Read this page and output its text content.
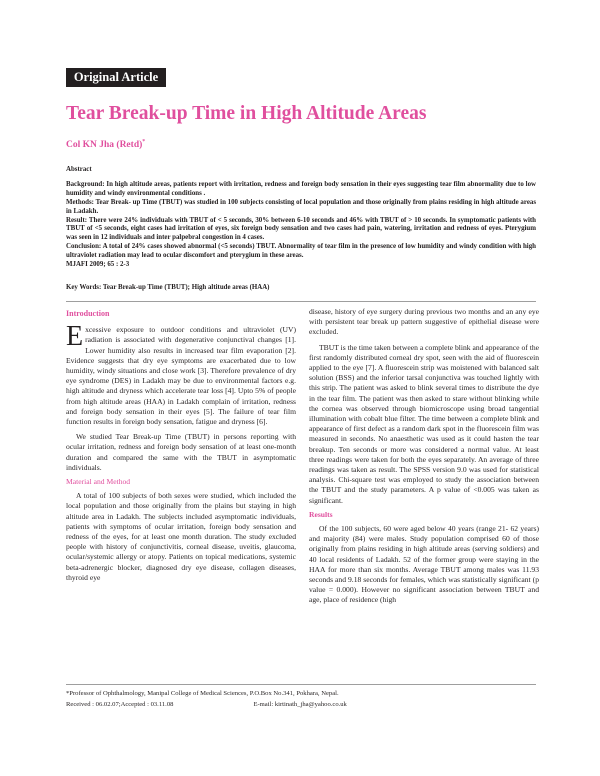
Original Article
Tear Break-up Time in High Altitude Areas
Col KN Jha (Retd)*

Abstract

Background: In high altitude areas, patients report with irritation, redness and foreign body sensation in their eyes suggesting tear film abnormality due to low humidity and windy environmental conditions .

Methods: Tear Break- up Time (TBUT) was studied in 100 subjects consisting of local population and those originally from plains residing in high altitude areas in Ladakh.

Result: There were 24% individuals with TBUT of < 5 seconds, 30% between 6-10 seconds and 46% with TBUT of > 10 seconds. In symptomatic patients with TBUT of <5 seconds, eight cases had irritation of eyes, six foreign body sensation and two cases had pain, watering, irritation and redness of eyes. Pterygium was seen in 12 individuals and inter palpebral congestion in 4 cases.

Conclusion: A total of 24% cases showed abnormal (<5 seconds) TBUT. Abnormality of tear film in the presence of low humidity and windy condition with high ultraviolet radiation may lead to ocular discomfort and pterygium in these areas.

MJAFI 2009; 65 : 2-3

Key Words: Tear Break-up Time (TBUT); High altitude areas (HAA)

Introduction

Excessive exposure to outdoor conditions and ultraviolet (UV) radiation is associated with degenerative conjunctival changes [1]. Lower humidity also results in increased tear film evaporation [2]. Evidence suggests that dry eye symptoms are exacerbated due to low humidity, windy situations and close work [3]. Therefore prevalence of dry eye syndrome (DES) in Ladakh may be due to environmental factors e.g. high altitude and dryness which accelerate tear loss [4]. Upto 5% of people from high altitude areas (HAA) in Ladakh complain of irritation, redness and foreign body sensation in their eyes [5]. The failure of tear film function results in foreign body sensation, fatigue and dryness [6].

We studied Tear Break-up Time (TBUT) in persons reporting with ocular irritation, redness and foreign body sensation of at least one-month duration and compared the same with the TBUT in asymptomatic individuals.

Material and Method

A total of 100 subjects of both sexes were studied, which included the local population and those originally from the plains but staying in high altitude area in Ladakh. The subjects included asymptomatic individuals, patients with symptoms of ocular irritation, foreign body sensation and redness of the eyes, for at least one month duration. The study excluded people with history of conjunctivitis, corneal disease, uveitis, glaucoma, ocular/systemic allergy or atopy. Patients on topical medications, systemic beta-adrenergic blocker, diagnosed dry eye disease, collagen diseases, thyroid eye

disease, history of eye surgery during previous two months and an any eye with persistent tear break up pattern suggestive of epithelial disease were excluded.

TBUT is the time taken between a complete blink and appearance of the first randomly distributed corneal dry spot, seen with the aid of fluorescein applied to the eye [7]. A fluorescein strip was moistened with balanced salt solution (BSS) and the inferior tarsal conjunctiva was touched lightly with this strip. The patient was asked to blink several times to distribute the dye in the tear film. The patient was then asked to stare without blinking while the cornea was observed through biomicroscope using broad tangential illumination with cobalt blue filter. The time between a complete blink and appearance of first defect as a random dark spot in the fluorescein film was measured in seconds. No anaesthetic was used as it could hasten the tear breakup. Ten seconds or more was considered a normal value. At least three readings were taken for both the eyes separately. An average of three readings was taken as result. The SPSS version 9.0 was used for statistical analysis. Chi-square test was employed to study the association between the TBUT and the study parameters. A p value of <0.005 was taken as significant.

Results

Of the 100 subjects, 60 were aged below 40 years (range 21- 62 years) and majority (84) were males. Study population comprised 60 of those originally from plains residing in high altitude areas (serving soldiers) and 40 local residents of Ladakh. 52 of the former group were staying in the HAA for more than six months. Average TBUT among males was 11.93 seconds and 9.18 seconds for females, which was statistically significant (p value = 0.000). However no significant association between TBUT and age, place of residence (high

*Professor of Ophthalmology, Manipal College of Medical Sciences, P.O.Box No.341, Pokhara, Nepal.

Received : 06.02.07;Accepted : 03.11.08	E-mail: kirtinath_jha@yahoo.co.uk
